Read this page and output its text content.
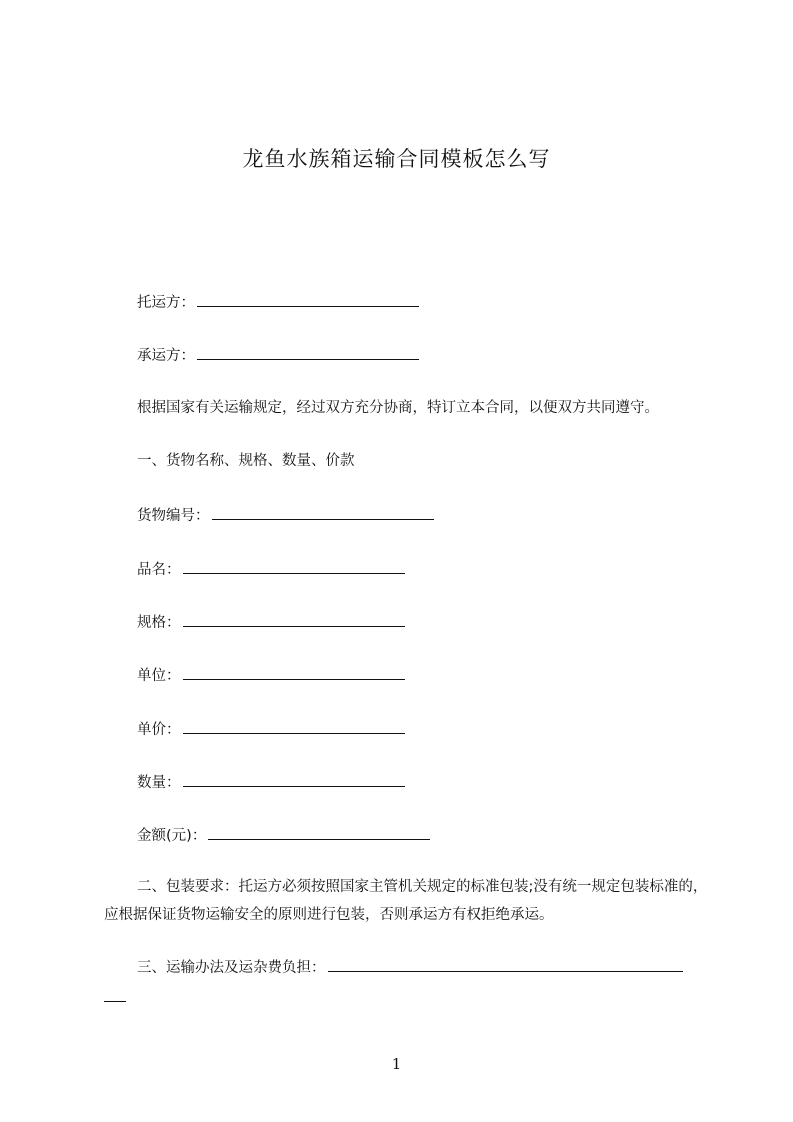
龙鱼水族箱运输合同模板怎么写
托运方：
承运方：
根据国家有关运输规定，经过双方充分协商，特订立本合同，以便双方共同遵守。
一、货物名称、规格、数量、价款
货物编号：
品名：
规格：
单位：
单价：
数量：
金额(元)：
二、包装要求：托运方必须按照国家主管机关规定的标准包装;没有统一规定包装标准的，应根据保证货物运输安全的原则进行包装，否则承运方有权拒绝承运。
三、运输办法及运杂费负担：

1
